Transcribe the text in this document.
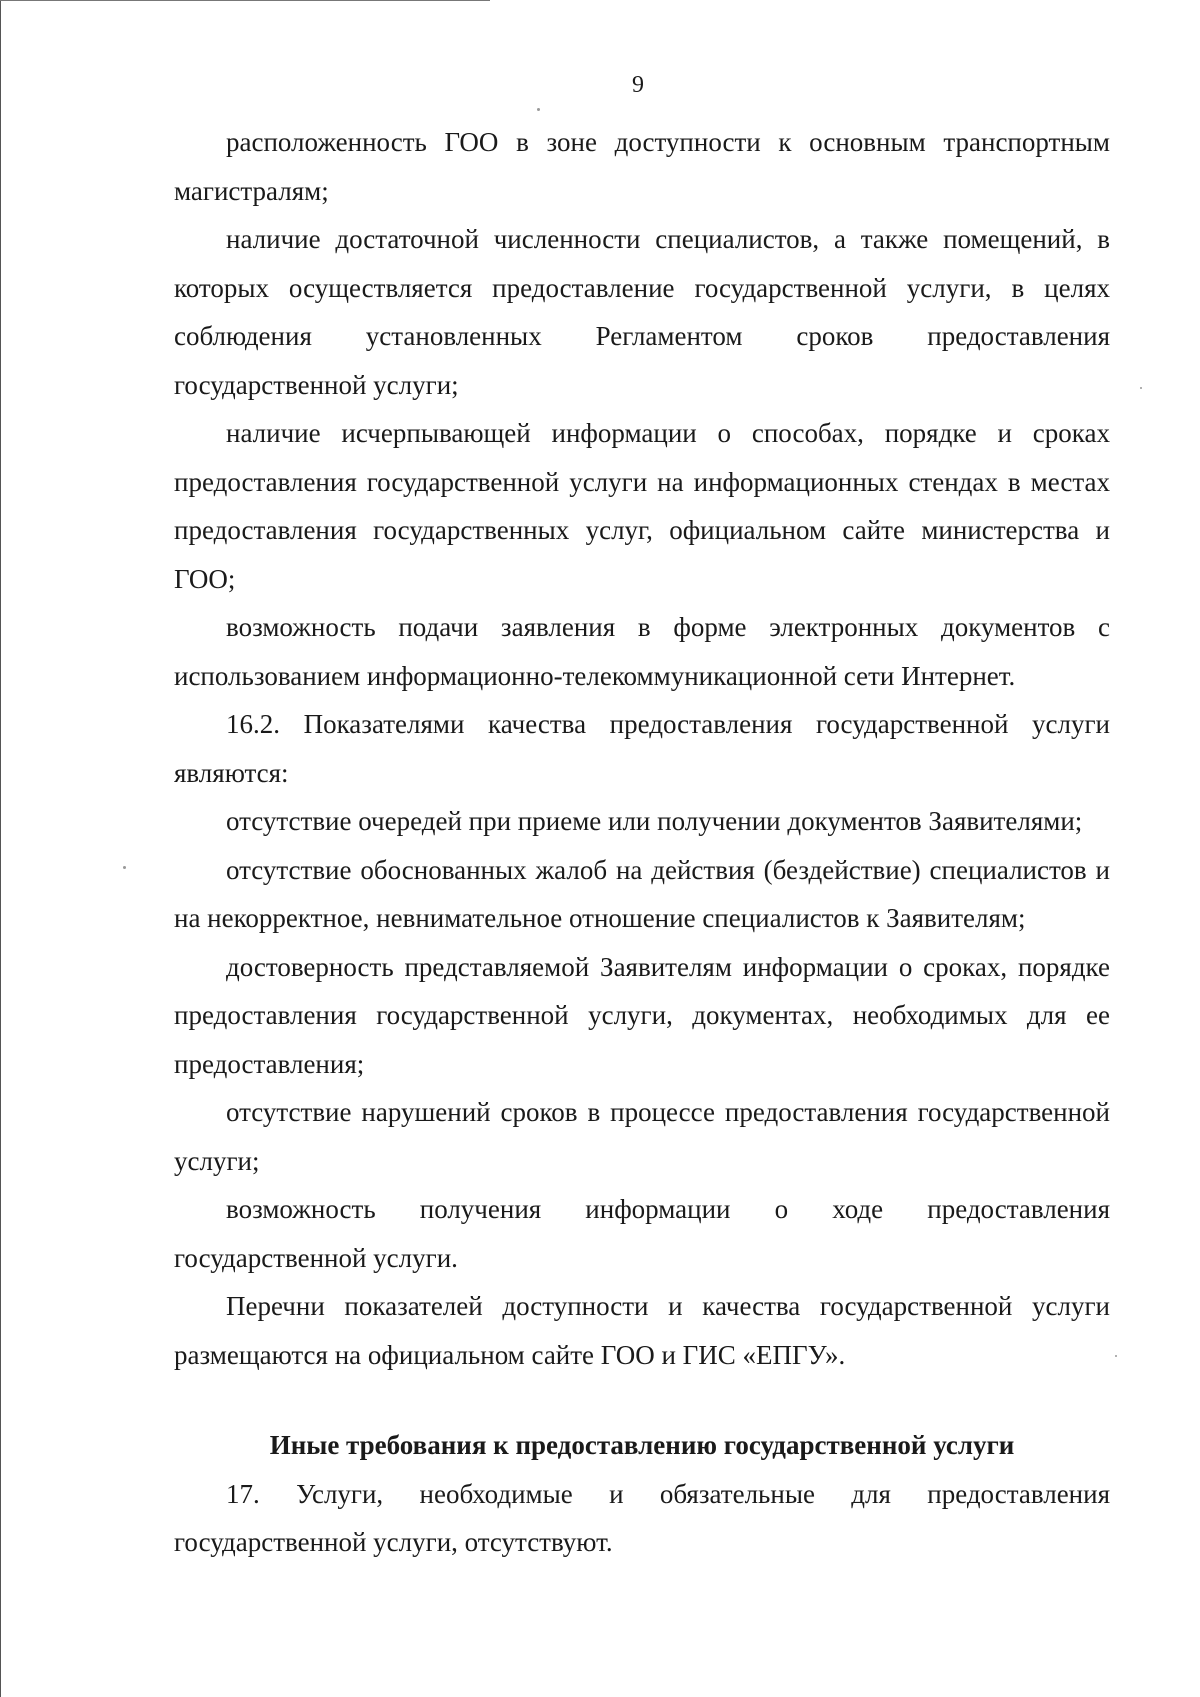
9

расположенность ГОО в зоне доступности к основным транспортным магистралям;

наличие достаточной численности специалистов, а также помещений, в которых осуществляется предоставление государственной услуги, в целях соблюдения установленных Регламентом сроков предоставления государственной услуги;

наличие исчерпывающей информации о способах, порядке и сроках предоставления государственной услуги на информационных стендах в местах предоставления государственных услуг, официальном сайте министерства и ГОО;

возможность подачи заявления в форме электронных документов с использованием информационно-телекоммуникационной сети Интернет.

16.2. Показателями качества предоставления государственной услуги являются:

отсутствие очередей при приеме или получении документов Заявителями;

отсутствие обоснованных жалоб на действия (бездействие) специалистов и на некорректное, невнимательное отношение специалистов к Заявителям;

достоверность представляемой Заявителям информации о сроках, порядке предоставления государственной услуги, документах, необходимых для ее предоставления;

отсутствие нарушений сроков в процессе предоставления государственной услуги;

возможность получения информации о ходе предоставления государственной услуги.

Перечни показателей доступности и качества государственной услуги размещаются на официальном сайте ГОО и ГИС «ЕПГУ».

Иные требования к предоставлению государственной услуги

17. Услуги, необходимые и обязательные для предоставления государственной услуги, отсутствуют.
